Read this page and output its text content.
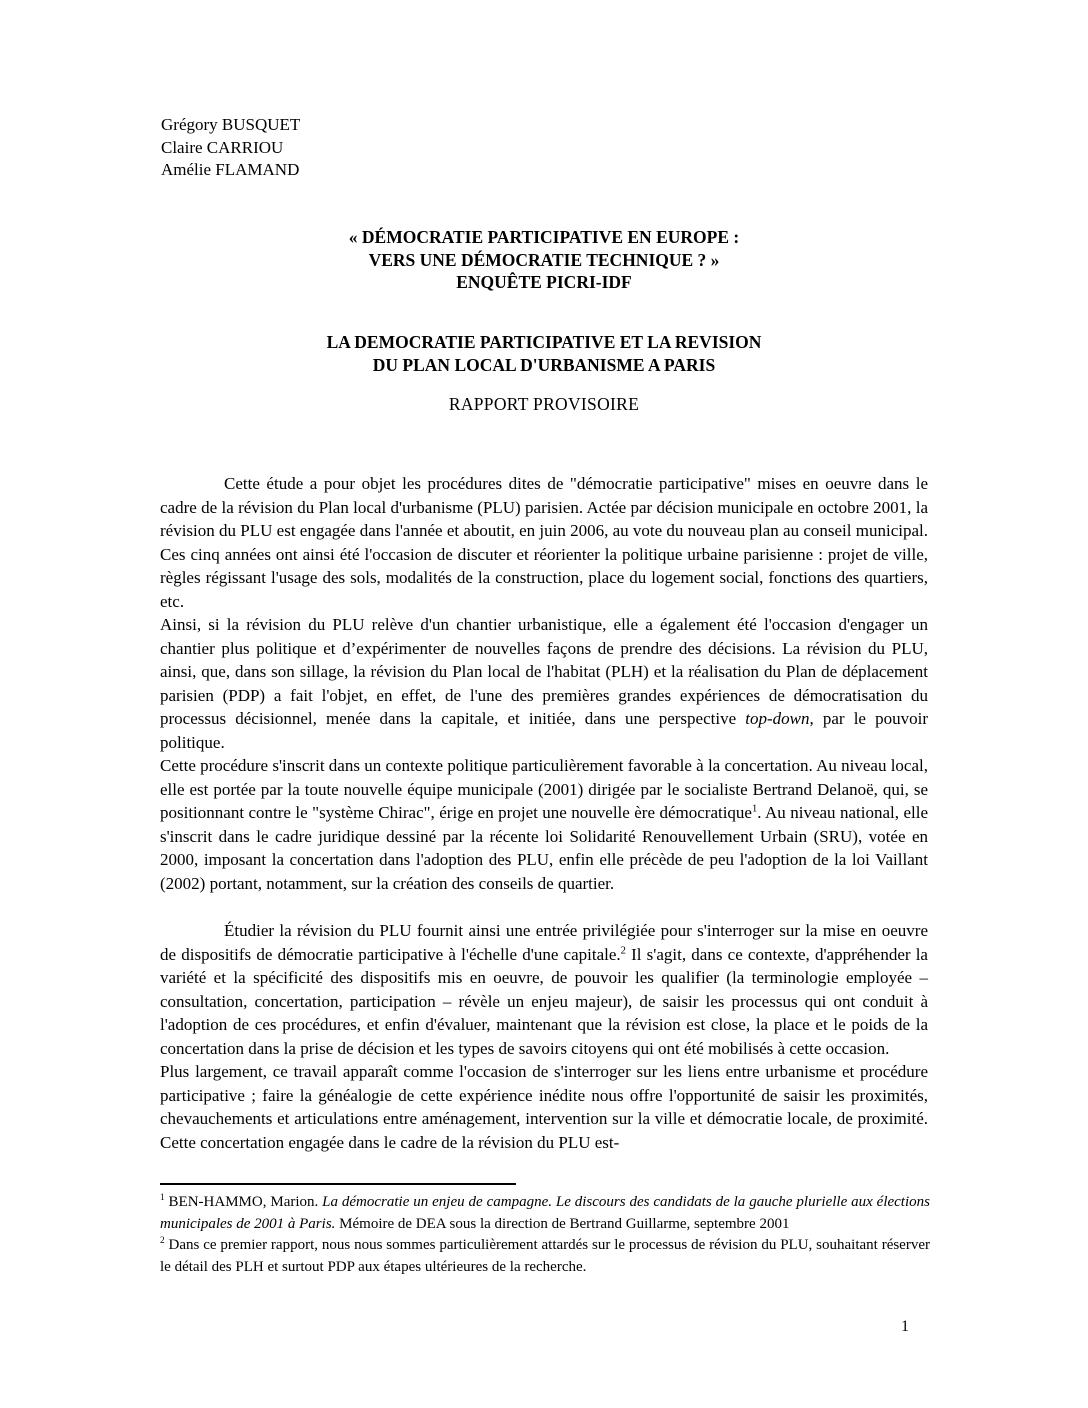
Grégory BUSQUET
Claire CARRIOU
Amélie FLAMAND
« DÉMOCRATIE PARTICIPATIVE EN EUROPE :
VERS UNE DÉMOCRATIE TECHNIQUE ? »
ENQUÊTE PICRI-IDF
LA DEMOCRATIE PARTICIPATIVE ET LA REVISION
DU PLAN LOCAL D'URBANISME A PARIS
RAPPORT PROVISOIRE

Cette étude a pour objet les procédures dites de "démocratie participative" mises en oeuvre dans le cadre de la révision du Plan local d'urbanisme (PLU) parisien. Actée par décision municipale en octobre 2001, la révision du PLU est engagée dans l'année et aboutit, en juin 2006, au vote du nouveau plan au conseil municipal. Ces cinq années ont ainsi été l'occasion de discuter et réorienter la politique urbaine parisienne : projet de ville, règles régissant l'usage des sols, modalités de la construction, place du logement social, fonctions des quartiers, etc.

Ainsi, si la révision du PLU relève d'un chantier urbanistique, elle a également été l'occasion d'engager un chantier plus politique et d’expérimenter de nouvelles façons de prendre des décisions. La révision du PLU, ainsi, que, dans son sillage, la révision du Plan local de l'habitat (PLH) et la réalisation du Plan de déplacement parisien (PDP) a fait l'objet, en effet, de l'une des premières grandes expériences de démocratisation du processus décisionnel, menée dans la capitale, et initiée, dans une perspective top-down, par le pouvoir politique.

Cette procédure s'inscrit dans un contexte politique particulièrement favorable à la concertation. Au niveau local, elle est portée par la toute nouvelle équipe municipale (2001) dirigée par le socialiste Bertrand Delanoë, qui, se positionnant contre le "système Chirac", érige en projet une nouvelle ère démocratique$^1$. Au niveau national, elle s'inscrit dans le cadre juridique dessiné par la récente loi Solidarité Renouvellement Urbain (SRU), votée en 2000, imposant la concertation dans l'adoption des PLU, enfin elle précède de peu l'adoption de la loi Vaillant (2002) portant, notamment, sur la création des conseils de quartier.

Étudier la révision du PLU fournit ainsi une entrée privilégiée pour s'interroger sur la mise en oeuvre de dispositifs de démocratie participative à l'échelle d'une capitale.$^2$ Il s'agit, dans ce contexte, d'appréhender la variété et la spécificité des dispositifs mis en oeuvre, de pouvoir les qualifier (la terminologie employée – consultation, concertation, participation – révèle un enjeu majeur), de saisir les processus qui ont conduit à l'adoption de ces procédures, et enfin d'évaluer, maintenant que la révision est close, la place et le poids de la concertation dans la prise de décision et les types de savoirs citoyens qui ont été mobilisés à cette occasion.

Plus largement, ce travail apparaît comme l'occasion de s'interroger sur les liens entre urbanisme et procédure participative ; faire la généalogie de cette expérience inédite nous offre l'opportunité de saisir les proximités, chevauchements et articulations entre aménagement, intervention sur la ville et démocratie locale, de proximité. Cette concertation engagée dans le cadre de la révision du PLU est-

$^1$ BEN-HAMMO, Marion. La démocratie un enjeu de campagne. Le discours des candidats de la gauche plurielle aux élections municipales de 2001 à Paris. Mémoire de DEA sous la direction de Bertrand Guillarme, septembre 2001

$^2$ Dans ce premier rapport, nous nous sommes particulièrement attardés sur le processus de révision du PLU, souhaitant réserver le détail des PLH et surtout PDP aux étapes ultérieures de la recherche.

1
